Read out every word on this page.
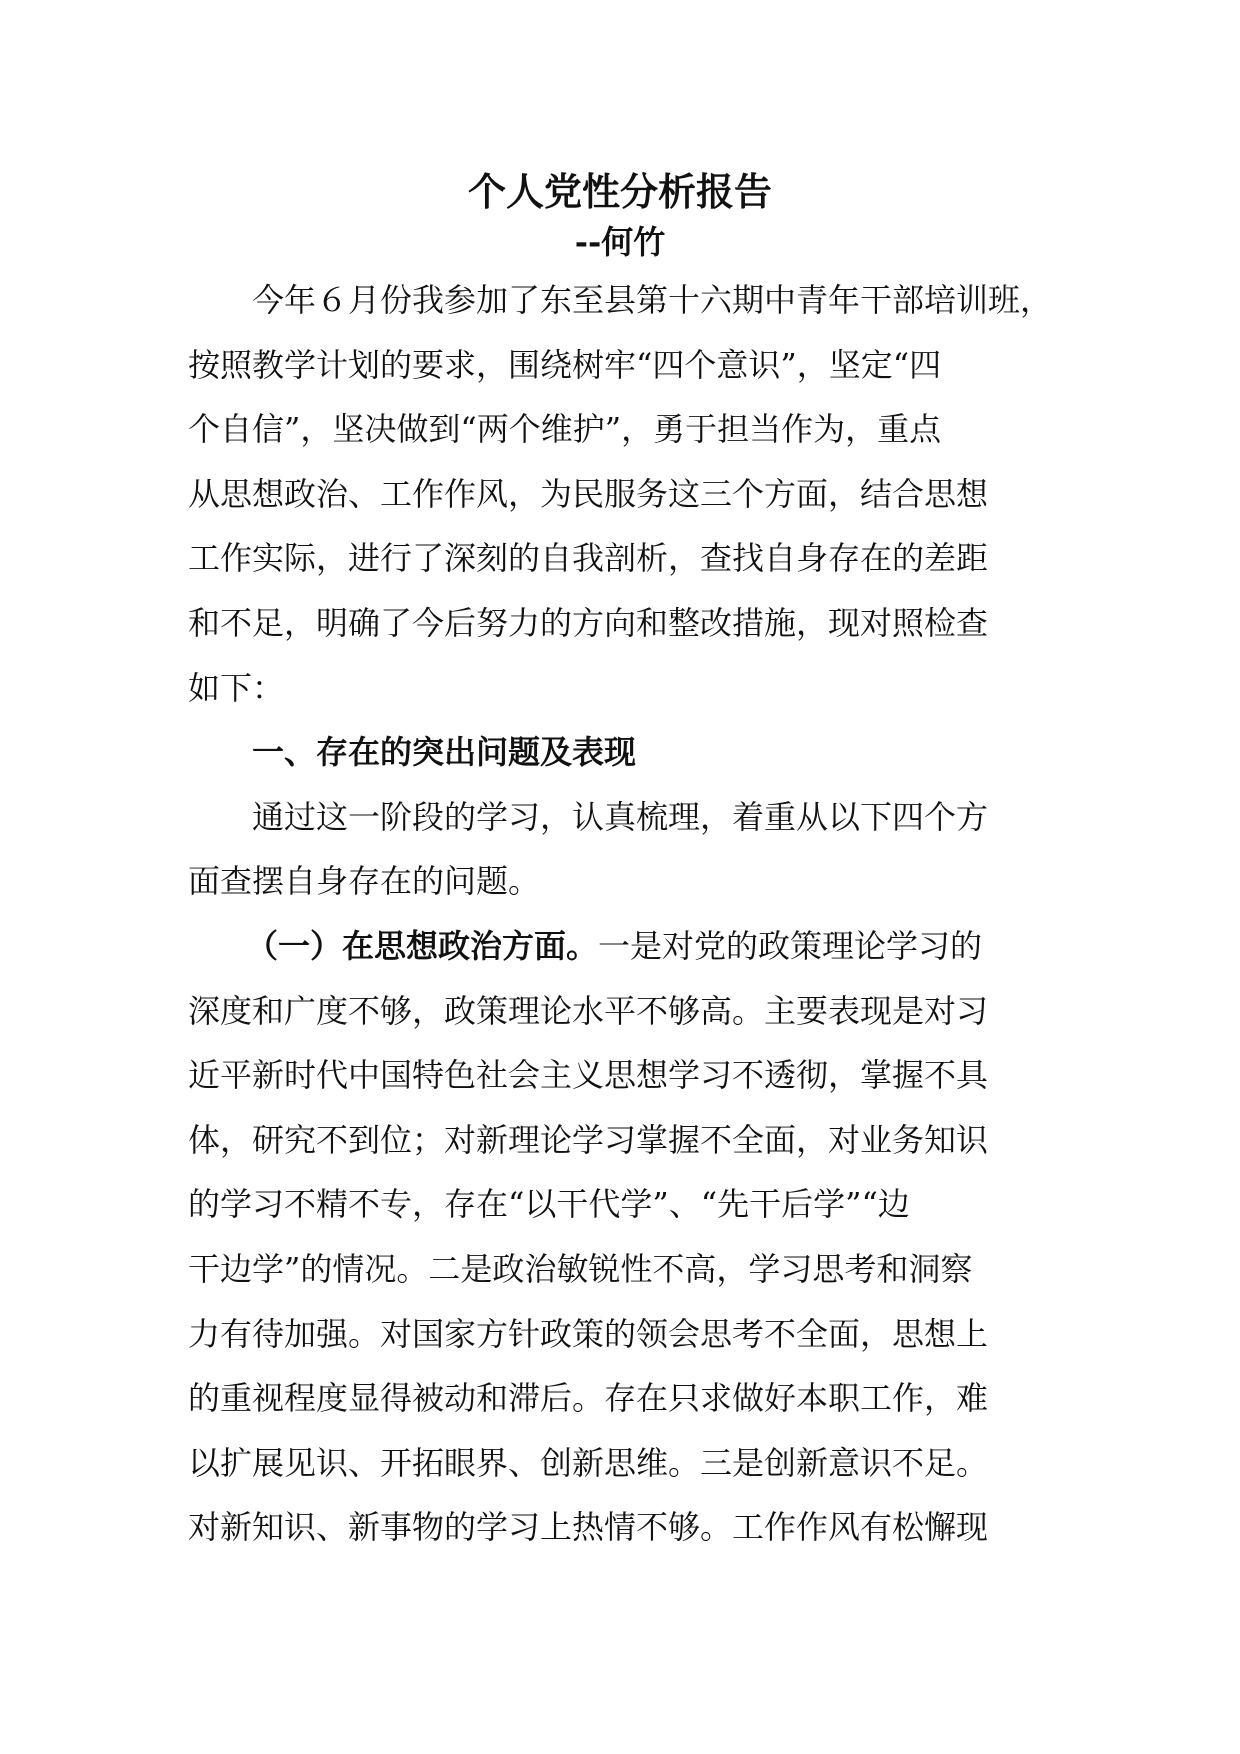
个人党性分析报告
--何竹
今年６月份我参加了东至县第十六期中青年干部培训班，
按照教学计划的要求，围绕树牢“四个意识”，坚定“四
个自信”，坚决做到“两个维护”，勇于担当作为，重点
从思想政治、工作作风，为民服务这三个方面，结合思想
工作实际，进行了深刻的自我剖析，查找自身存在的差距
和不足，明确了今后努力的方向和整改措施，现对照检查
如下：
一、存在的突出问题及表现
通过这一阶段的学习，认真梳理，着重从以下四个方
面查摆自身存在的问题。
（一）在思想政治方面。一是对党的政策理论学习的
深度和广度不够，政策理论水平不够高。主要表现是对习
近平新时代中国特色社会主义思想学习不透彻，掌握不具
体，研究不到位；对新理论学习掌握不全面，对业务知识
的学习不精不专，存在“以干代学”、“先干后学”“边
干边学”的情况。二是政治敏锐性不高，学习思考和洞察
力有待加强。对国家方针政策的领会思考不全面，思想上
的重视程度显得被动和滞后。存在只求做好本职工作，难
以扩展见识、开拓眼界、创新思维。三是创新意识不足。
对新知识、新事物的学习上热情不够。工作作风有松懈现
